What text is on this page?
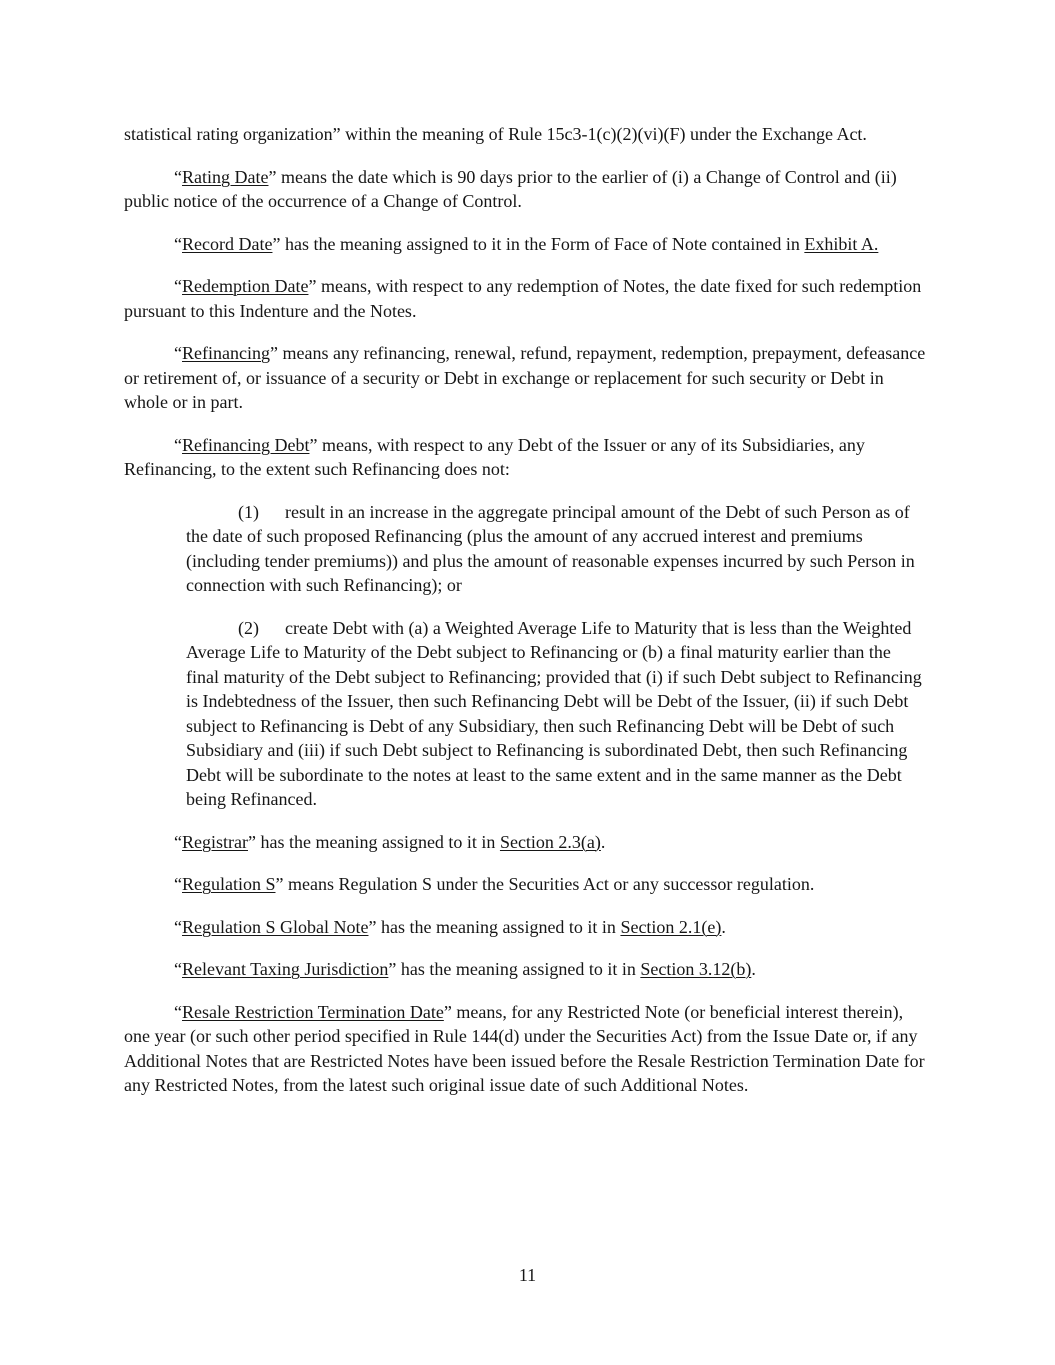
statistical rating organization” within the meaning of Rule 15c3-1(c)(2)(vi)(F) under the Exchange Act.

“Rating Date” means the date which is 90 days prior to the earlier of (i) a Change of Control and (ii) public notice of the occurrence of a Change of Control.

“Record Date” has the meaning assigned to it in the Form of Face of Note contained in Exhibit A.

“Redemption Date” means, with respect to any redemption of Notes, the date fixed for such redemption pursuant to this Indenture and the Notes.

“Refinancing” means any refinancing, renewal, refund, repayment, redemption, prepayment, defeasance or retirement of, or issuance of a security or Debt in exchange or replacement for such security or Debt in whole or in part.

“Refinancing Debt” means, with respect to any Debt of the Issuer or any of its Subsidiaries, any Refinancing, to the extent such Refinancing does not:

(1) result in an increase in the aggregate principal amount of the Debt of such Person as of the date of such proposed Refinancing (plus the amount of any accrued interest and premiums (including tender premiums)) and plus the amount of reasonable expenses incurred by such Person in connection with such Refinancing); or

(2) create Debt with (a) a Weighted Average Life to Maturity that is less than the Weighted Average Life to Maturity of the Debt subject to Refinancing or (b) a final maturity earlier than the final maturity of the Debt subject to Refinancing; provided that (i) if such Debt subject to Refinancing is Indebtedness of the Issuer, then such Refinancing Debt will be Debt of the Issuer, (ii) if such Debt subject to Refinancing is Debt of any Subsidiary, then such Refinancing Debt will be Debt of such Subsidiary and (iii) if such Debt subject to Refinancing is subordinated Debt, then such Refinancing Debt will be subordinate to the notes at least to the same extent and in the same manner as the Debt being Refinanced.

“Registrar” has the meaning assigned to it in Section 2.3(a).

“Regulation S” means Regulation S under the Securities Act or any successor regulation.

“Regulation S Global Note” has the meaning assigned to it in Section 2.1(e).

“Relevant Taxing Jurisdiction” has the meaning assigned to it in Section 3.12(b).

“Resale Restriction Termination Date” means, for any Restricted Note (or beneficial interest therein), one year (or such other period specified in Rule 144(d) under the Securities Act) from the Issue Date or, if any Additional Notes that are Restricted Notes have been issued before the Resale Restriction Termination Date for any Restricted Notes, from the latest such original issue date of such Additional Notes.

11
